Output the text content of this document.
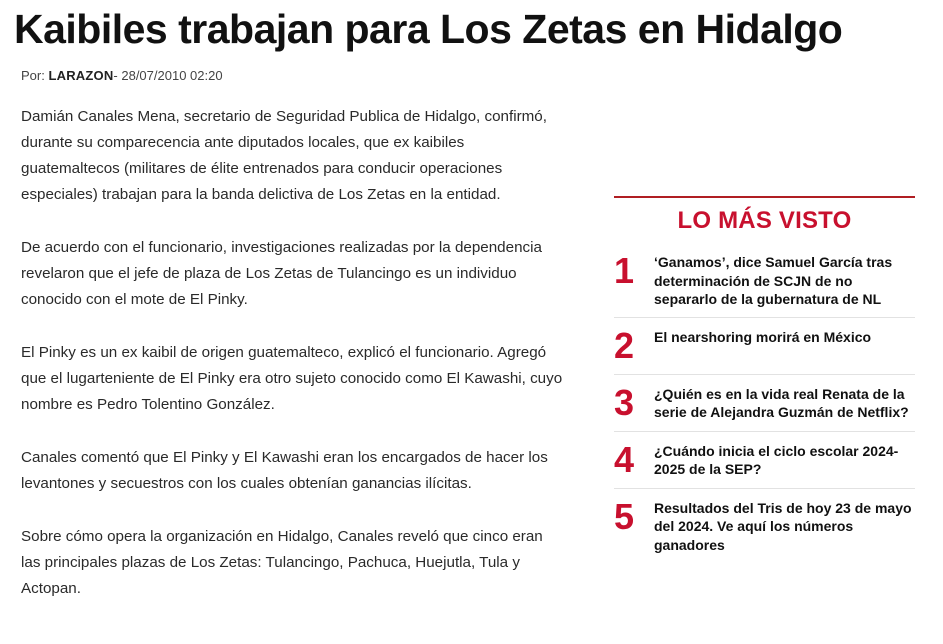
Kaibiles trabajan para Los Zetas en Hidalgo
Por: LARAZON- 28/07/2010 02:20

Damián Canales Mena, secretario de Seguridad Publica de Hidalgo, confirmó, durante su comparecencia ante diputados locales, que ex kaibiles guatemaltecos (militares de élite entrenados para conducir operaciones especiales) trabajan para la banda delictiva de Los Zetas en la entidad.

De acuerdo con el funcionario, investigaciones realizadas por la dependencia revelaron que el jefe de plaza de Los Zetas de Tulancingo es un individuo conocido con el mote de El Pinky.

El Pinky es un ex kaibil de origen guatemalteco, explicó el funcionario. Agregó que el lugarteniente de El Pinky era otro sujeto conocido como El Kawashi, cuyo nombre es Pedro Tolentino González.

Canales comentó que El Pinky y El Kawashi eran los encargados de hacer los levantones y secuestros con los cuales obtenían ganancias ilícitas.

Sobre cómo opera la organización en Hidalgo, Canales reveló que cinco eran las principales plazas de Los Zetas: Tulancingo, Pachuca, Huejutla, Tula y Actopan.

LO MÁS VISTO
1	‘Ganamos’, dice Samuel García tras determinación de SCJN de no separarlo de la gubernatura de NL
2	El nearshoring morirá en México
3	¿Quién es en la vida real Renata de la serie de Alejandra Guzmán de Netflix?
4	¿Cuándo inicia el ciclo escolar 2024-2025 de la SEP?
5	Resultados del Tris de hoy 23 de mayo del 2024. Ve aquí los números ganadores
